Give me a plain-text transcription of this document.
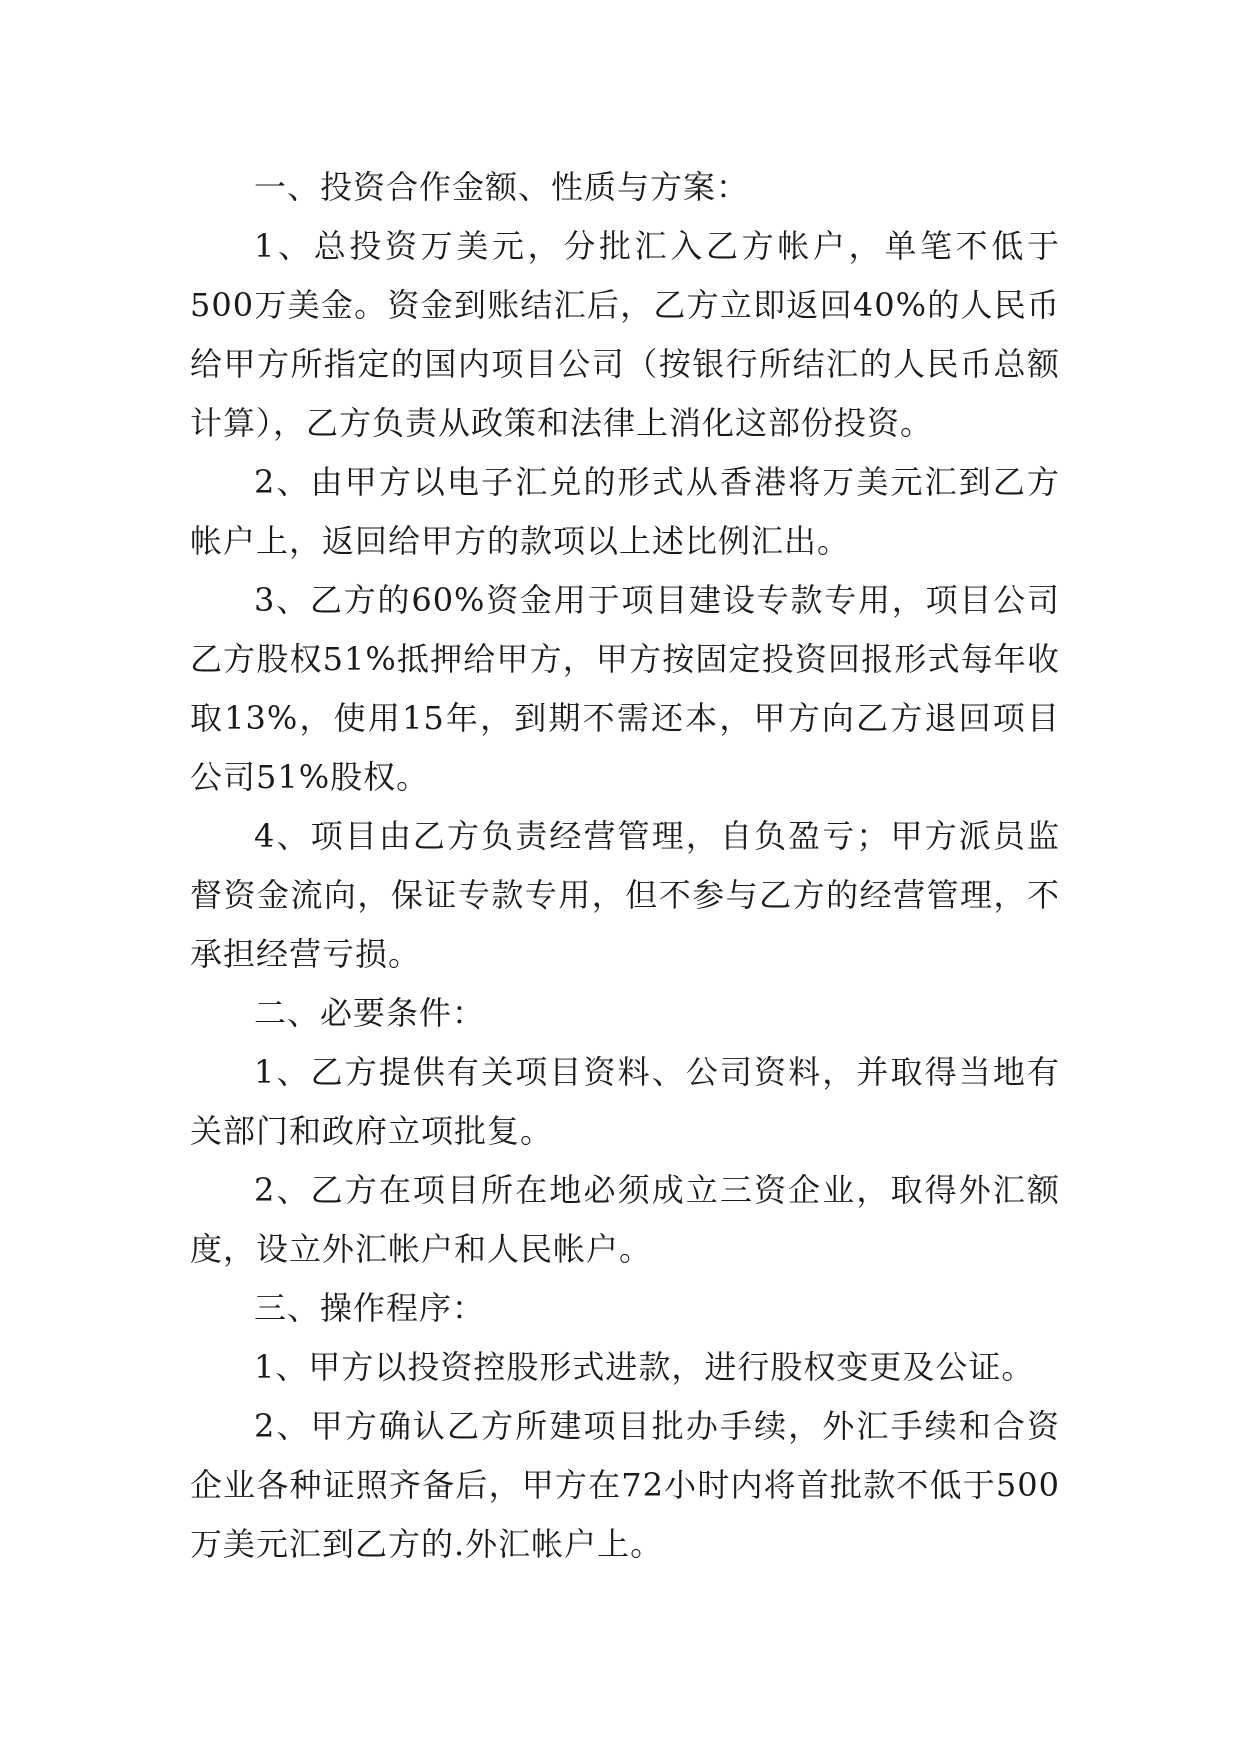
一、投资合作金额、性质与方案：

1、总投资万美元，分批汇入乙方帐户，单笔不低于500万美金。资金到账结汇后，乙方立即返回40%的人民币给甲方所指定的国内项目公司（按银行所结汇的人民币总额计算），乙方负责从政策和法律上消化这部份投资。

2、由甲方以电子汇兑的形式从香港将万美元汇到乙方帐户上，返回给甲方的款项以上述比例汇出。

3、乙方的60%资金用于项目建设专款专用，项目公司乙方股权51%抵押给甲方，甲方按固定投资回报形式每年收取13%，使用15年，到期不需还本，甲方向乙方退回项目公司51%股权。

4、项目由乙方负责经营管理，自负盈亏；甲方派员监督资金流向，保证专款专用，但不参与乙方的经营管理，不承担经营亏损。

二、必要条件：

1、乙方提供有关项目资料、公司资料，并取得当地有关部门和政府立项批复。

2、乙方在项目所在地必须成立三资企业，取得外汇额度，设立外汇帐户和人民帐户。

三、操作程序：

1、甲方以投资控股形式进款，进行股权变更及公证。

2、甲方确认乙方所建项目批办手续，外汇手续和合资企业各种证照齐备后，甲方在72小时内将首批款不低于500万美元汇到乙方的.外汇帐户上。
